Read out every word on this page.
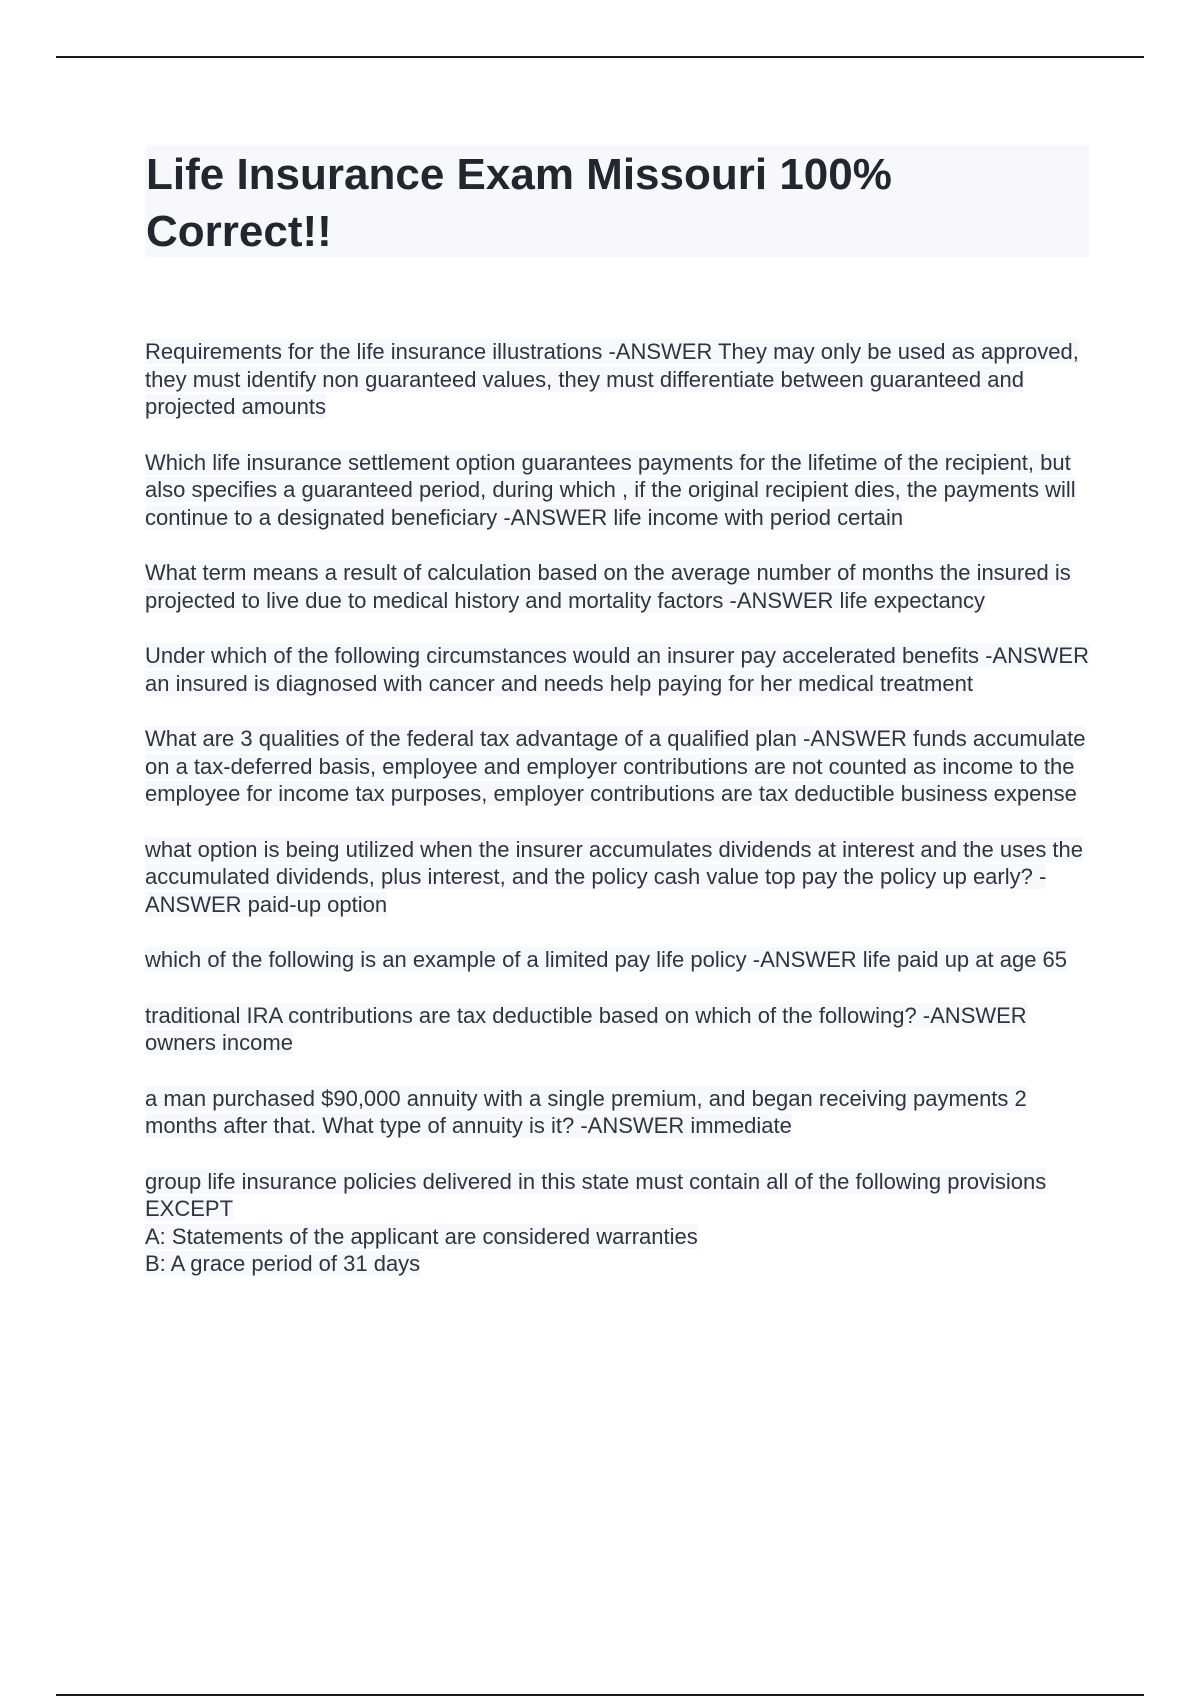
Life Insurance Exam Missouri 100% Correct!!

Requirements for the life insurance illustrations -ANSWER They may only be used as approved, they must identify non guaranteed values, they must differentiate between guaranteed and projected amounts

Which life insurance settlement option guarantees payments for the lifetime of the recipient, but also specifies a guaranteed period, during which , if the original recipient dies, the payments will continue to a designated beneficiary -ANSWER life income with period certain

What term means a result of calculation based on the average number of months the insured is projected to live due to medical history and mortality factors -ANSWER life expectancy

Under which of the following circumstances would an insurer pay accelerated benefits -ANSWER an insured is diagnosed with cancer and needs help paying for her medical treatment

What are 3 qualities of the federal tax advantage of a qualified plan -ANSWER funds accumulate on a tax-deferred basis, employee and employer contributions are not counted as income to the employee for income tax purposes, employer contributions are tax deductible business expense

what option is being utilized when the insurer accumulates dividends at interest and the uses the accumulated dividends, plus interest, and the policy cash value top pay the policy up early? -ANSWER paid-up option

which of the following is an example of a limited pay life policy -ANSWER life paid up at age 65

traditional IRA contributions are tax deductible based on which of the following? -ANSWER owners income

a man purchased $90,000 annuity with a single premium, and began receiving payments 2 months after that. What type of annuity is it? -ANSWER immediate

group life insurance policies delivered in this state must contain all of the following provisions EXCEPT
A: Statements of the applicant are considered warranties
B: A grace period of 31 days
